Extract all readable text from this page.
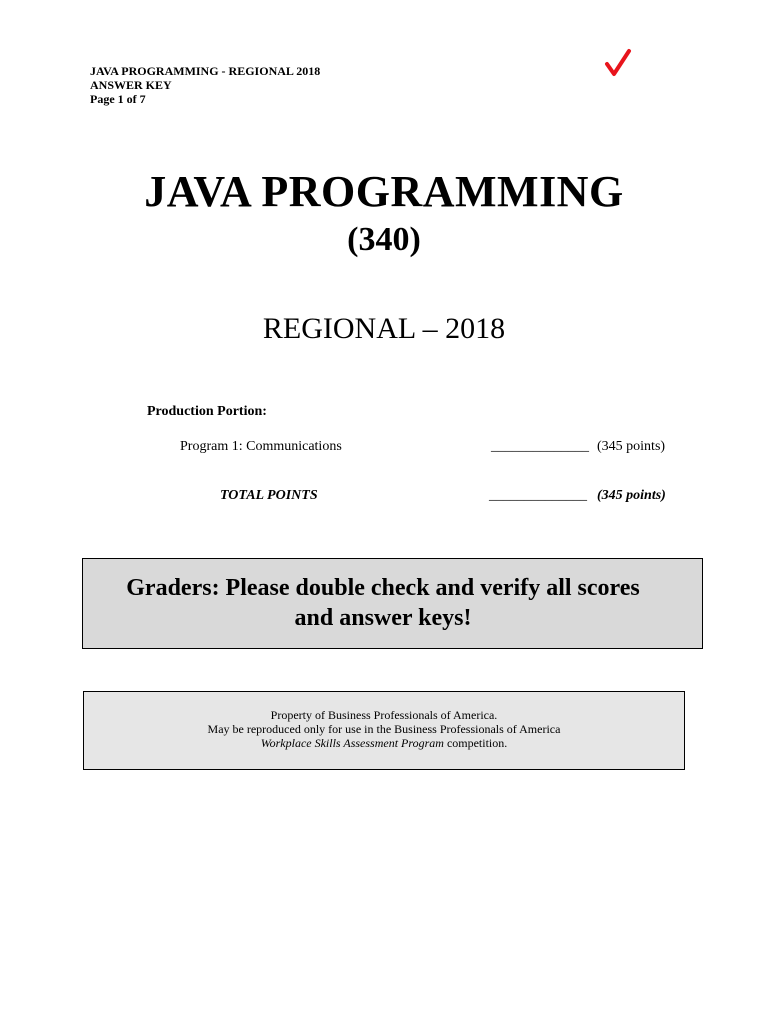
JAVA PROGRAMMING - REGIONAL 2018
ANSWER KEY
Page 1 of 7
JAVA PROGRAMMING
(340)
REGIONAL – 2018
Production Portion:
Program 1: Communications	______________ (345 points)
TOTAL POINTS	______________ (345 points)
Graders: Please double check and verify all scores
and answer keys!
Property of Business Professionals of America.
May be reproduced only for use in the Business Professionals of America
Workplace Skills Assessment Program competition.
